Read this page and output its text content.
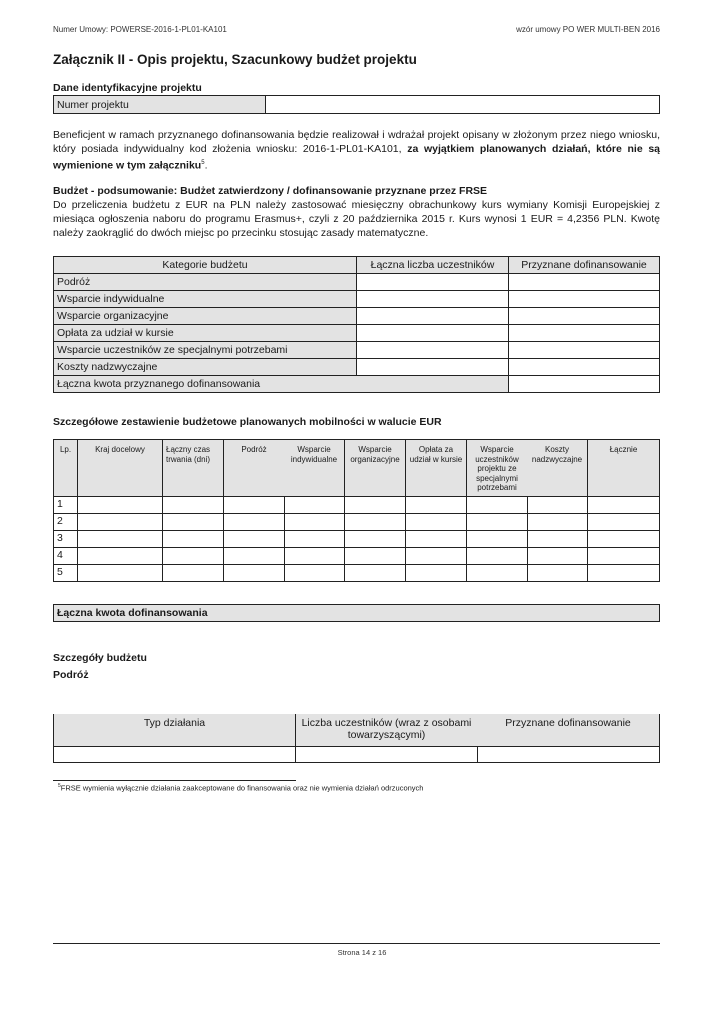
Numer Umowy: POWERSE-2016-1-PL01-KA101	wzór umowy PO WER MULTI-BEN 2016
Załącznik II - Opis projektu, Szacunkowy budżet projektu
Dane identyfikacyjne projektu
Numer projektu	
Beneficjent w ramach przyznanego dofinansowania będzie realizował i wdrażał projekt opisany w złożonym przez niego wniosku, który posiada indywidualny kod złożenia wniosku: 2016-1-PL01-KA101, za wyjątkiem planowanych działań, które nie są wymienione w tym załączniku$^5$.
Budżet - podsumowanie: Budżet zatwierdzony / dofinansowanie przyznane przez FRSE
Do przeliczenia budżetu z EUR na PLN należy zastosować miesięczny obrachunkowy kurs wymiany Komisji Europejskiej z miesiąca ogłoszenia naboru do programu Erasmus+, czyli z 20 października 2015 r. Kurs wynosi 1 EUR = 4,2356 PLN. Kwotę należy zaokrąglić do dwóch miejsc po przecinku stosując zasady matematyczne.
Kategorie budżetu	Łączna liczba uczestników	Przyznane dofinansowanie
Podróż		
Wsparcie indywidualne		
Wsparcie organizacyjne		
Opłata za udział w kursie		
Wsparcie uczestników ze specjalnymi potrzebami		
Koszty nadzwyczajne		
Łączna kwota przyznanego dofinansowania		
Szczegółowe zestawienie budżetowe planowanych mobilności w walucie EUR
Lp.	Kraj docelowy	Łączny czas trwania (dni)	Podróż	Wsparcie indywidualne	Wsparcie organizacyjne	Opłata za udział w kursie	Wsparcie uczestników projektu ze specjalnymi potrzebami	Koszty nadzwyczajne	Łącznie
1									
2									
3									
4									
5									
Łączna kwota dofinansowania
Szczegóły budżetu
Podróż
Typ działania	Liczba uczestników (wraz z osobami towarzyszącymi)	Przyznane dofinansowanie

$^5$FRSE wymienia wyłącznie działania zaakceptowane do finansowania oraz nie wymienia działań odrzuconych
Strona 14 z 16
